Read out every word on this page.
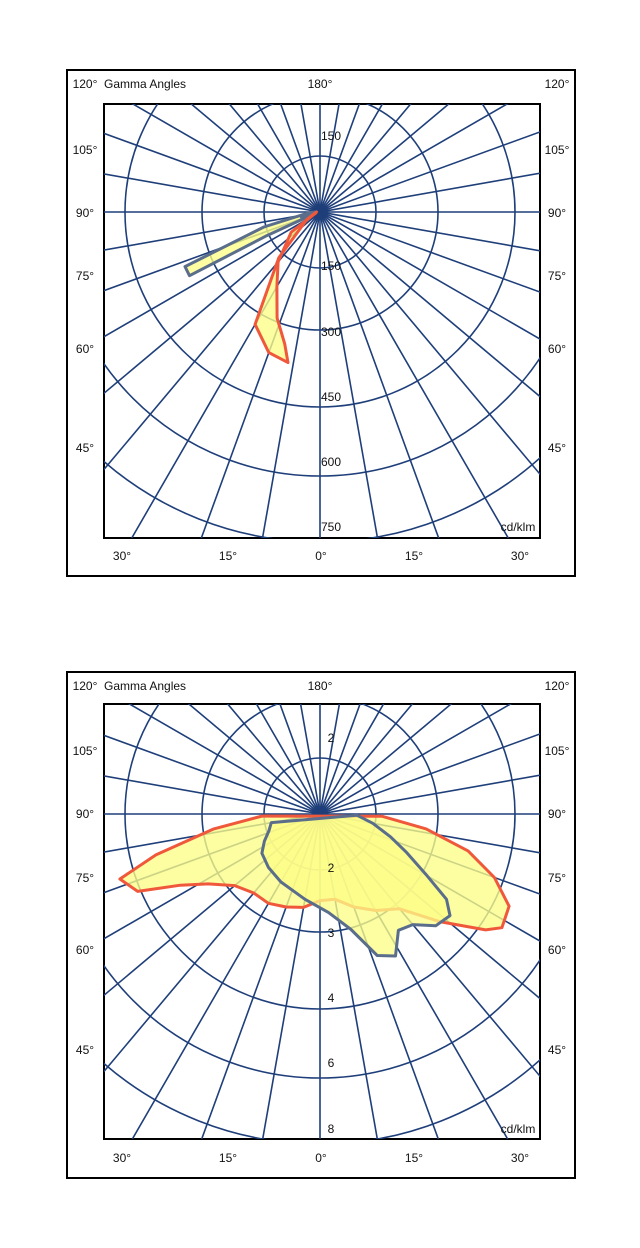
120° Gamma Angles	180°	120°
105°	105°
90°	90°
75°	75°
60°	60°
45°	45°
30°	15°	0°	15°	30°
150
150
300
450
600
750	cd/klm
120° Gamma Angles	180°	120°
105°	105°
90°	90°
75°	75°
60°	60°
45°	45°
30°	15°	0°	15°	30°
2
2
3
4
6
8	cd/klm
